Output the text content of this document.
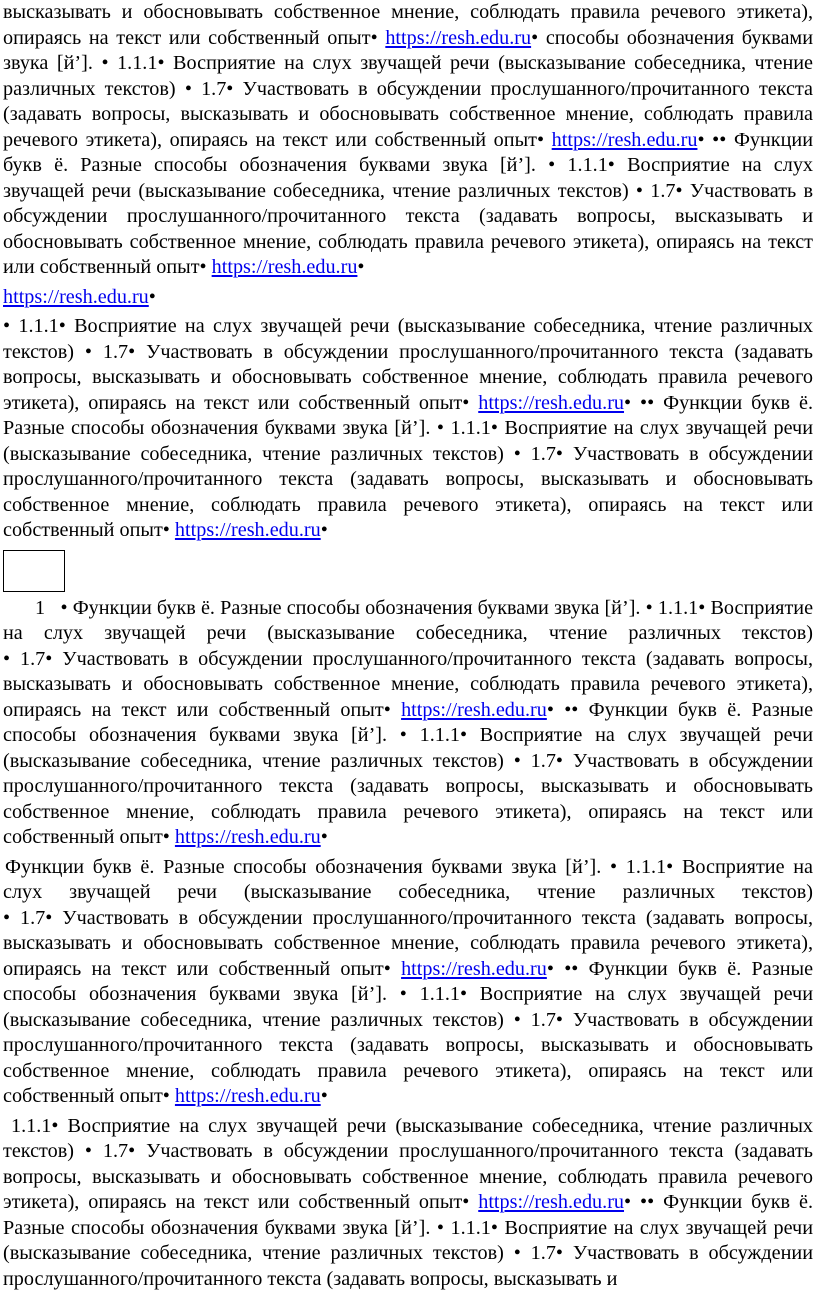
высказывать и обосновывать собственное мнение, соблюдать правила речевого этикета), опираясь на текст или собственный опыт• https://resh.edu.ru• способы обозначения буквами звука [й’]. • 1.1.1• Восприятие на слух звучащей речи (высказывание собеседника, чтение различных текстов) • 1.7• Участвовать в обсуждении прослушанного/прочитанного текста (задавать вопросы, высказывать и обосновывать собственное мнение, соблюдать правила речевого этикета), опираясь на текст или собственный опыт• https://resh.edu.ru• •• Функции букв ё. Разные способы обозначения буквами звука [й’]. • 1.1.1• Восприятие на слух звучащей речи (высказывание собеседника, чтение различных текстов) • 1.7• Участвовать в обсуждении прослушанного/прочитанного текста (задавать вопросы, высказывать и обосновывать собственное мнение, соблюдать правила речевого этикета), опираясь на текст или собственный опыт• https://resh.edu.ru•

https://resh.edu.ru•

• 1.1.1• Восприятие на слух звучащей речи (высказывание собеседника, чтение различных текстов) • 1.7• Участвовать в обсуждении прослушанного/прочитанного текста (задавать вопросы, высказывать и обосновывать собственное мнение, соблюдать правила речевого этикета), опираясь на текст или собственный опыт• https://resh.edu.ru• •• Функции букв ё. Разные способы обозначения буквами звука [й’]. • 1.1.1• Восприятие на слух звучащей речи (высказывание собеседника, чтение различных текстов) • 1.7• Участвовать в обсуждении прослушанного/прочитанного текста (задавать вопросы, высказывать и обосновывать собственное мнение, соблюдать правила речевого этикета), опираясь на текст или собственный опыт• https://resh.edu.ru•

1 • Функции букв ё. Разные способы обозначения буквами звука [й’]. • 1.1.1• Восприятие на слух звучащей речи (высказывание собеседника, чтение различных текстов) • 1.7• Участвовать в обсуждении прослушанного/прочитанного текста (задавать вопросы, высказывать и обосновывать собственное мнение, соблюдать правила речевого этикета), опираясь на текст или собственный опыт• https://resh.edu.ru• •• Функции букв ё. Разные способы обозначения буквами звука [й’]. • 1.1.1• Восприятие на слух звучащей речи (высказывание собеседника, чтение различных текстов) • 1.7• Участвовать в обсуждении прослушанного/прочитанного текста (задавать вопросы, высказывать и обосновывать собственное мнение, соблюдать правила речевого этикета), опираясь на текст или собственный опыт• https://resh.edu.ru•

Функции букв ё. Разные способы обозначения буквами звука [й’]. • 1.1.1• Восприятие на слух звучащей речи (высказывание собеседника, чтение различных текстов) • 1.7• Участвовать в обсуждении прослушанного/прочитанного текста (задавать вопросы, высказывать и обосновывать собственное мнение, соблюдать правила речевого этикета), опираясь на текст или собственный опыт• https://resh.edu.ru• •• Функции букв ё. Разные способы обозначения буквами звука [й’]. • 1.1.1• Восприятие на слух звучащей речи (высказывание собеседника, чтение различных текстов) • 1.7• Участвовать в обсуждении прослушанного/прочитанного текста (задавать вопросы, высказывать и обосновывать собственное мнение, соблюдать правила речевого этикета), опираясь на текст или собственный опыт• https://resh.edu.ru•

1.1.1• Восприятие на слух звучащей речи (высказывание собеседника, чтение различных текстов) • 1.7• Участвовать в обсуждении прослушанного/прочитанного текста (задавать вопросы, высказывать и обосновывать собственное мнение, соблюдать правила речевого этикета), опираясь на текст или собственный опыт• https://resh.edu.ru• •• Функции букв ё. Разные способы обозначения буквами звука [й’]. • 1.1.1• Восприятие на слух звучащей речи (высказывание собеседника, чтение различных текстов) • 1.7• Участвовать в обсуждении прослушанного/прочитанного текста (задавать вопросы, высказывать и
